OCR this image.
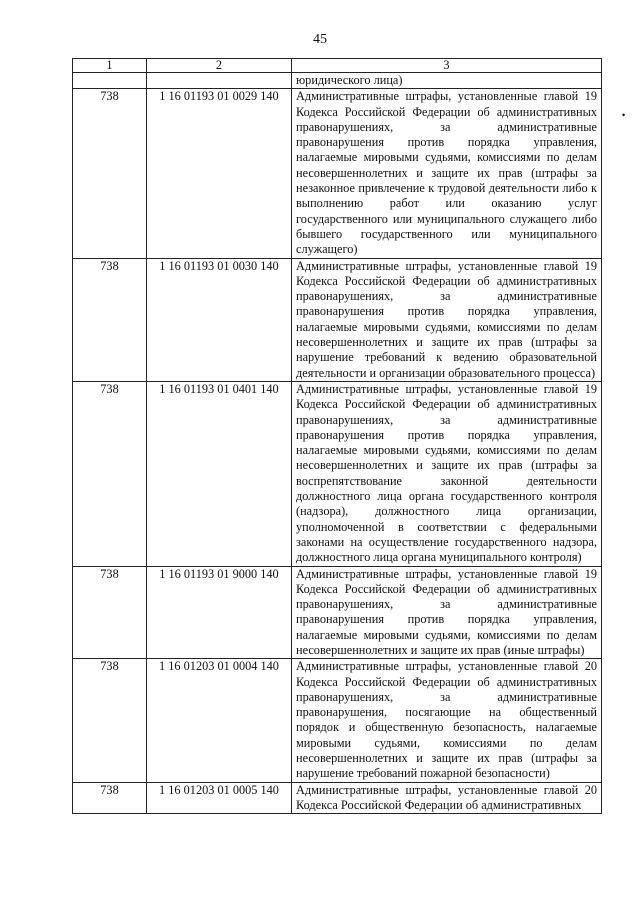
45
•
1	2	3
		юридического лица)
738	1 16 01193 01 0029 140	Административные штрафы, установленные главой 19 Кодекса Российской Федерации об административных правонарушениях, за административные правонарушения против порядка управления, налагаемые мировыми судьями, комиссиями по делам несовершеннолетних и защите их прав (штрафы за незаконное привлечение к трудовой деятельности либо к выполнению работ или оказанию услуг государственного или муниципального служащего либо бывшего государственного или муниципального служащего)
738	1 16 01193 01 0030 140	Административные штрафы, установленные главой 19 Кодекса Российской Федерации об административных правонарушениях, за административные правонарушения против порядка управления, налагаемые мировыми судьями, комиссиями по делам несовершеннолетних и защите их прав (штрафы за нарушение требований к ведению образовательной деятельности и организации образовательного процесса)
738	1 16 01193 01 0401 140	Административные штрафы, установленные главой 19 Кодекса Российской Федерации об административных правонарушениях, за административные правонарушения против порядка управления, налагаемые мировыми судьями, комиссиями по делам несовершеннолетних и защите их прав (штрафы за воспрепятствование законной деятельности должностного лица органа государственного контроля (надзора), должностного лица организации, уполномоченной в соответствии с федеральными законами на осуществление государственного надзора, должностного лица органа муниципального контроля)
738	1 16 01193 01 9000 140	Административные штрафы, установленные главой 19 Кодекса Российской Федерации об административных правонарушениях, за административные правонарушения против порядка управления, налагаемые мировыми судьями, комиссиями по делам несовершеннолетних и защите их прав (иные штрафы)
738	1 16 01203 01 0004 140	Административные штрафы, установленные главой 20 Кодекса Российской Федерации об административных правонарушениях, за административные правонарушения, посягающие на общественный порядок и общественную безопасность, налагаемые мировыми судьями, комиссиями по делам несовершеннолетних и защите их прав (штрафы за нарушение требований пожарной безопасности)
738	1 16 01203 01 0005 140	Административные штрафы, установленные главой 20 Кодекса Российской Федерации об административных
